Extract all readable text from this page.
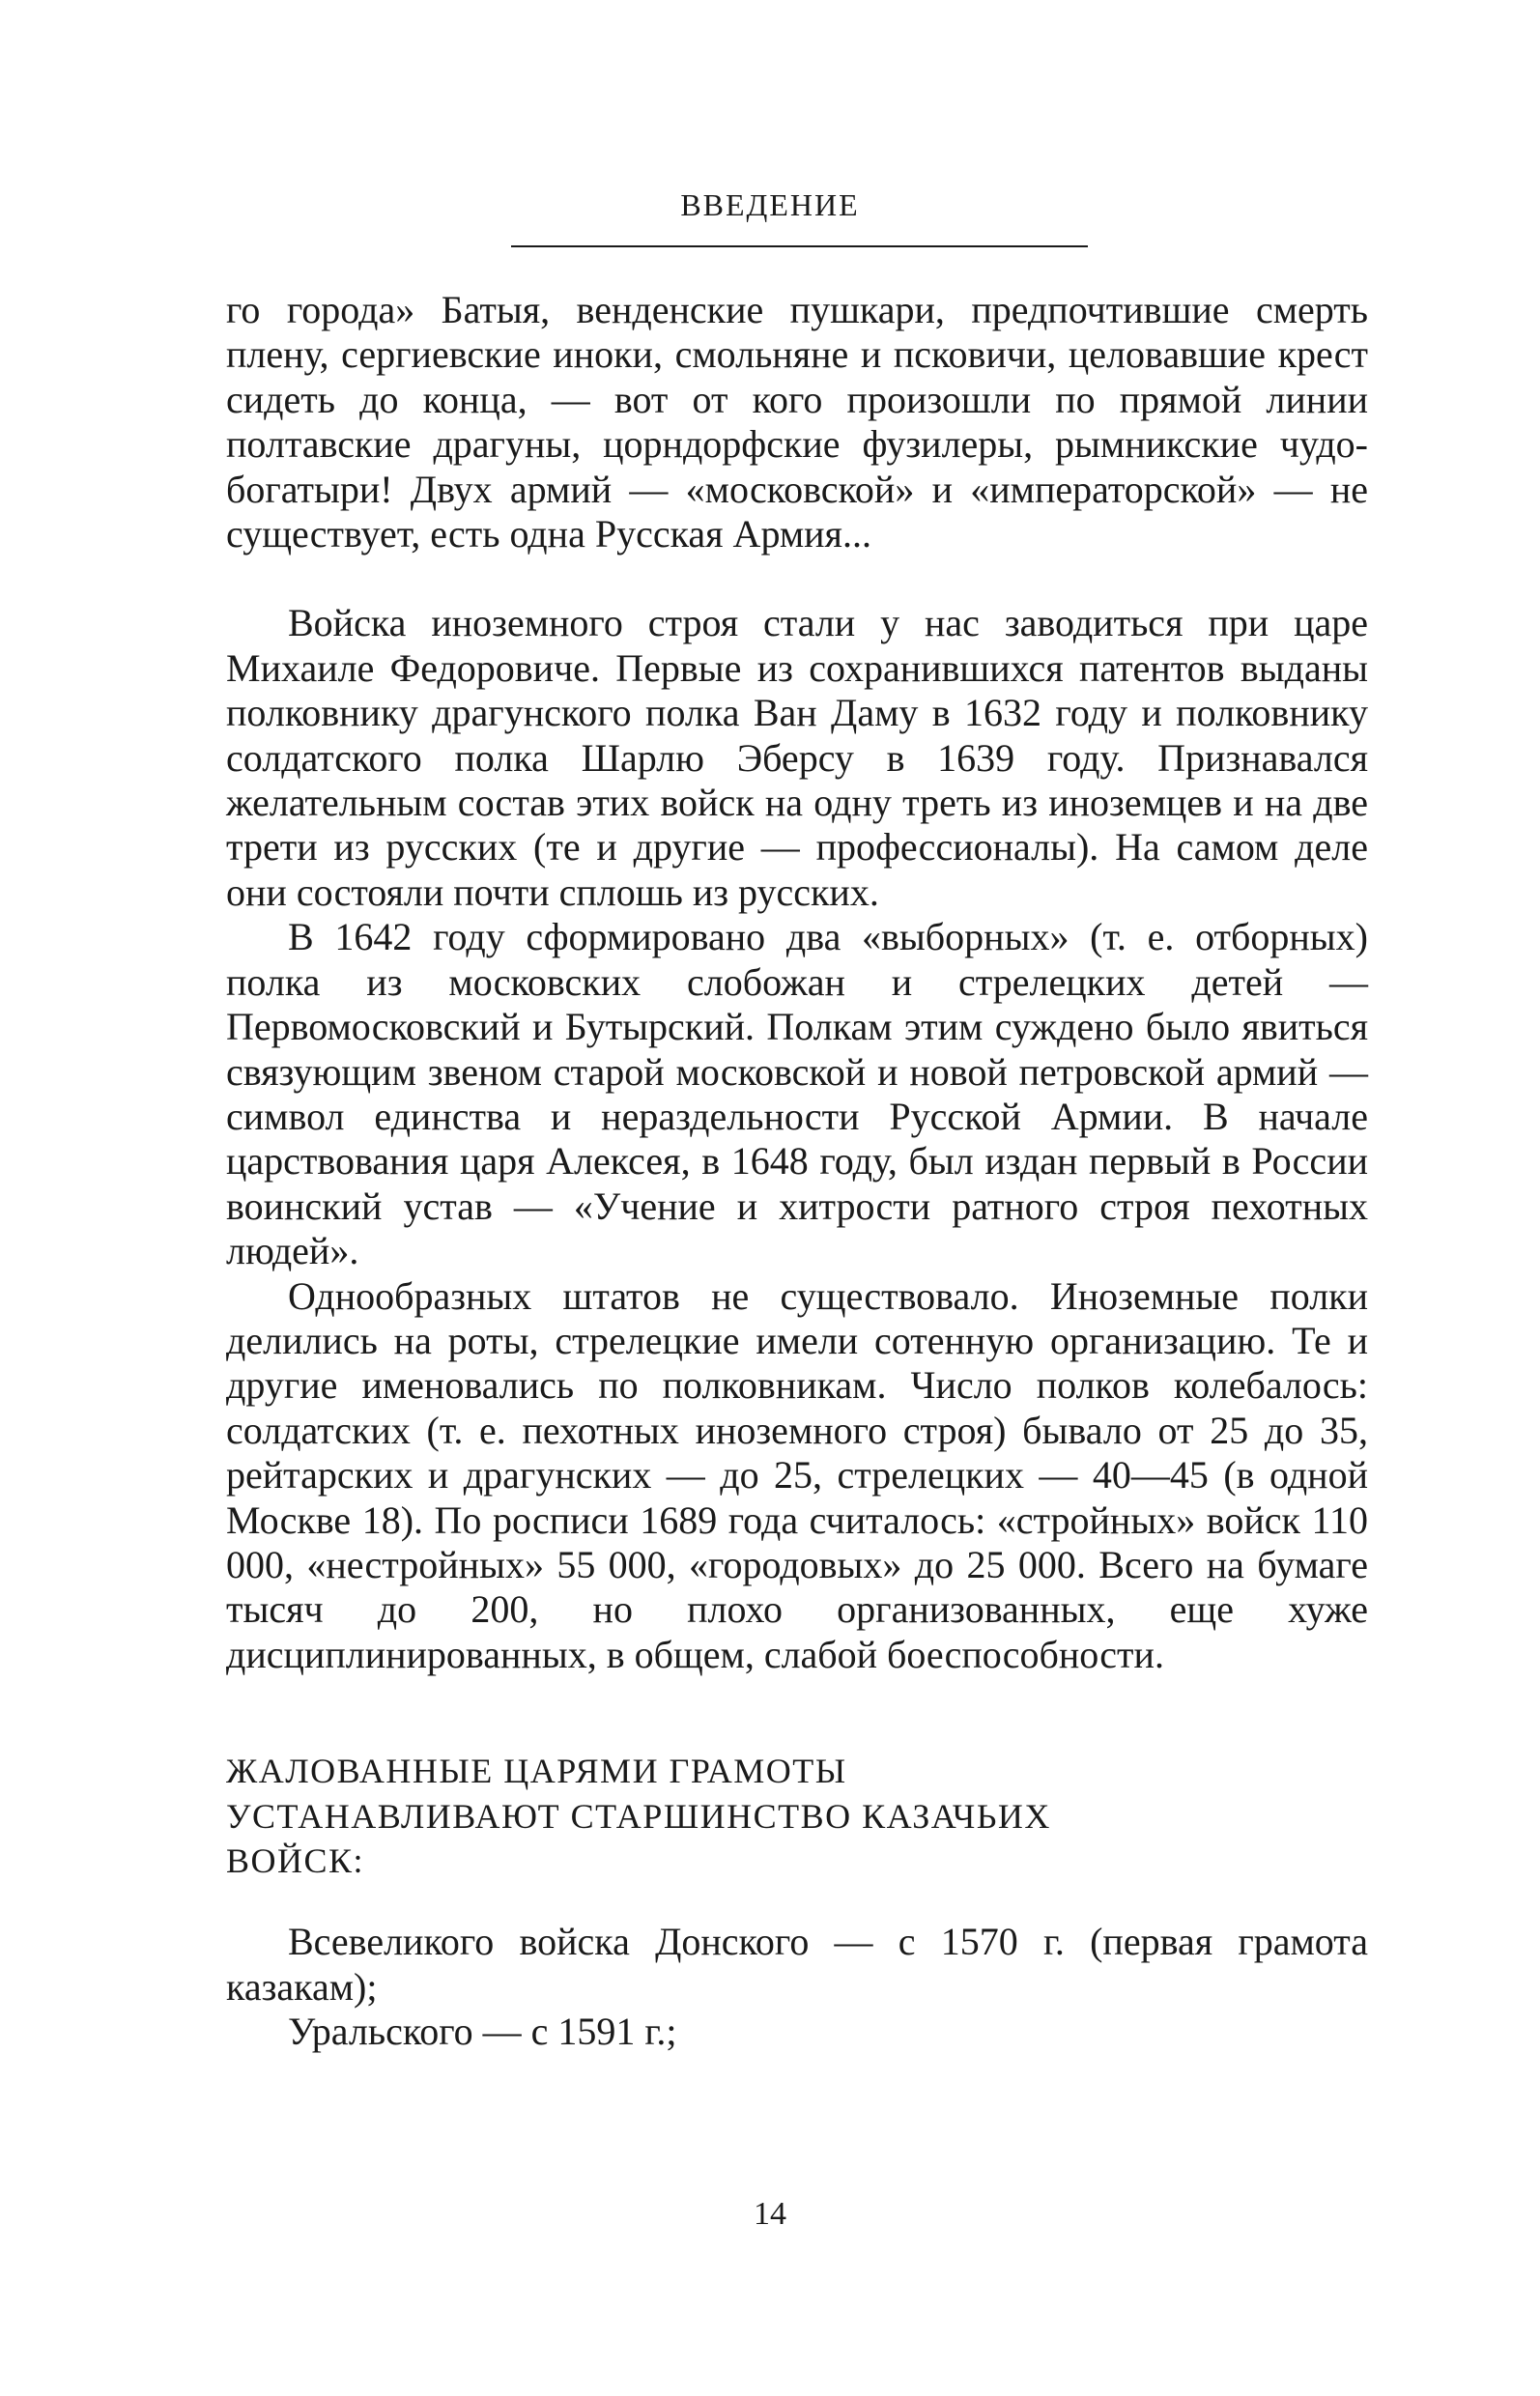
ВВЕДЕНИЕ

го города» Батыя, венденские пушкари, предпочтившие смерть плену, сергиевские иноки, смольняне и псковичи, целовавшие крест сидеть до конца, — вот от кого произошли по прямой линии полтавские драгуны, цорндорфские фузилеры, рымникские чудо-богатыри! Двух армий — «московской» и «императорской» — не существует, есть одна Русская Армия...

Войска иноземного строя стали у нас заводиться при царе Михаиле Федоровиче. Первые из сохранившихся патентов выданы полковнику драгунского полка Ван Даму в 1632 году и полковнику солдатского полка Шарлю Эберсу в 1639 году. Признавался желательным состав этих войск на одну треть из иноземцев и на две трети из русских (те и другие — профессионалы). На самом деле они состояли почти сплошь из русских.

В 1642 году сформировано два «выборных» (т. е. отборных) полка из московских слобожан и стрелецких детей — Первомосковский и Бутырский. Полкам этим суждено было явиться связующим звеном старой московской и новой петровской армий — символ единства и нераздельности Русской Армии. В начале царствования царя Алексея, в 1648 году, был издан первый в России воинский устав — «Учение и хитрости ратного строя пехотных людей».

Однообразных штатов не существовало. Иноземные полки делились на роты, стрелецкие имели сотенную организацию. Те и другие именовались по полковникам. Число полков колебалось: солдатских (т. е. пехотных иноземного строя) бывало от 25 до 35, рейтарских и драгунских — до 25, стрелецких — 40—45 (в одной Москве 18). По росписи 1689 года считалось: «стройных» войск 110 000, «нестройных» 55 000, «городовых» до 25 000. Всего на бумаге тысяч до 200, но плохо организованных, еще хуже дисциплинированных, в общем, слабой боеспособности.

ЖАЛОВАННЫЕ ЦАРЯМИ ГРАМОТЫ

УСТАНАВЛИВАЮТ СТАРШИНСТВО КАЗАЧЬИХ

ВОЙСК:

Всевеликого войска Донского — с 1570 г. (первая грамота казакам);

Уральского — с 1591 г.;

14
